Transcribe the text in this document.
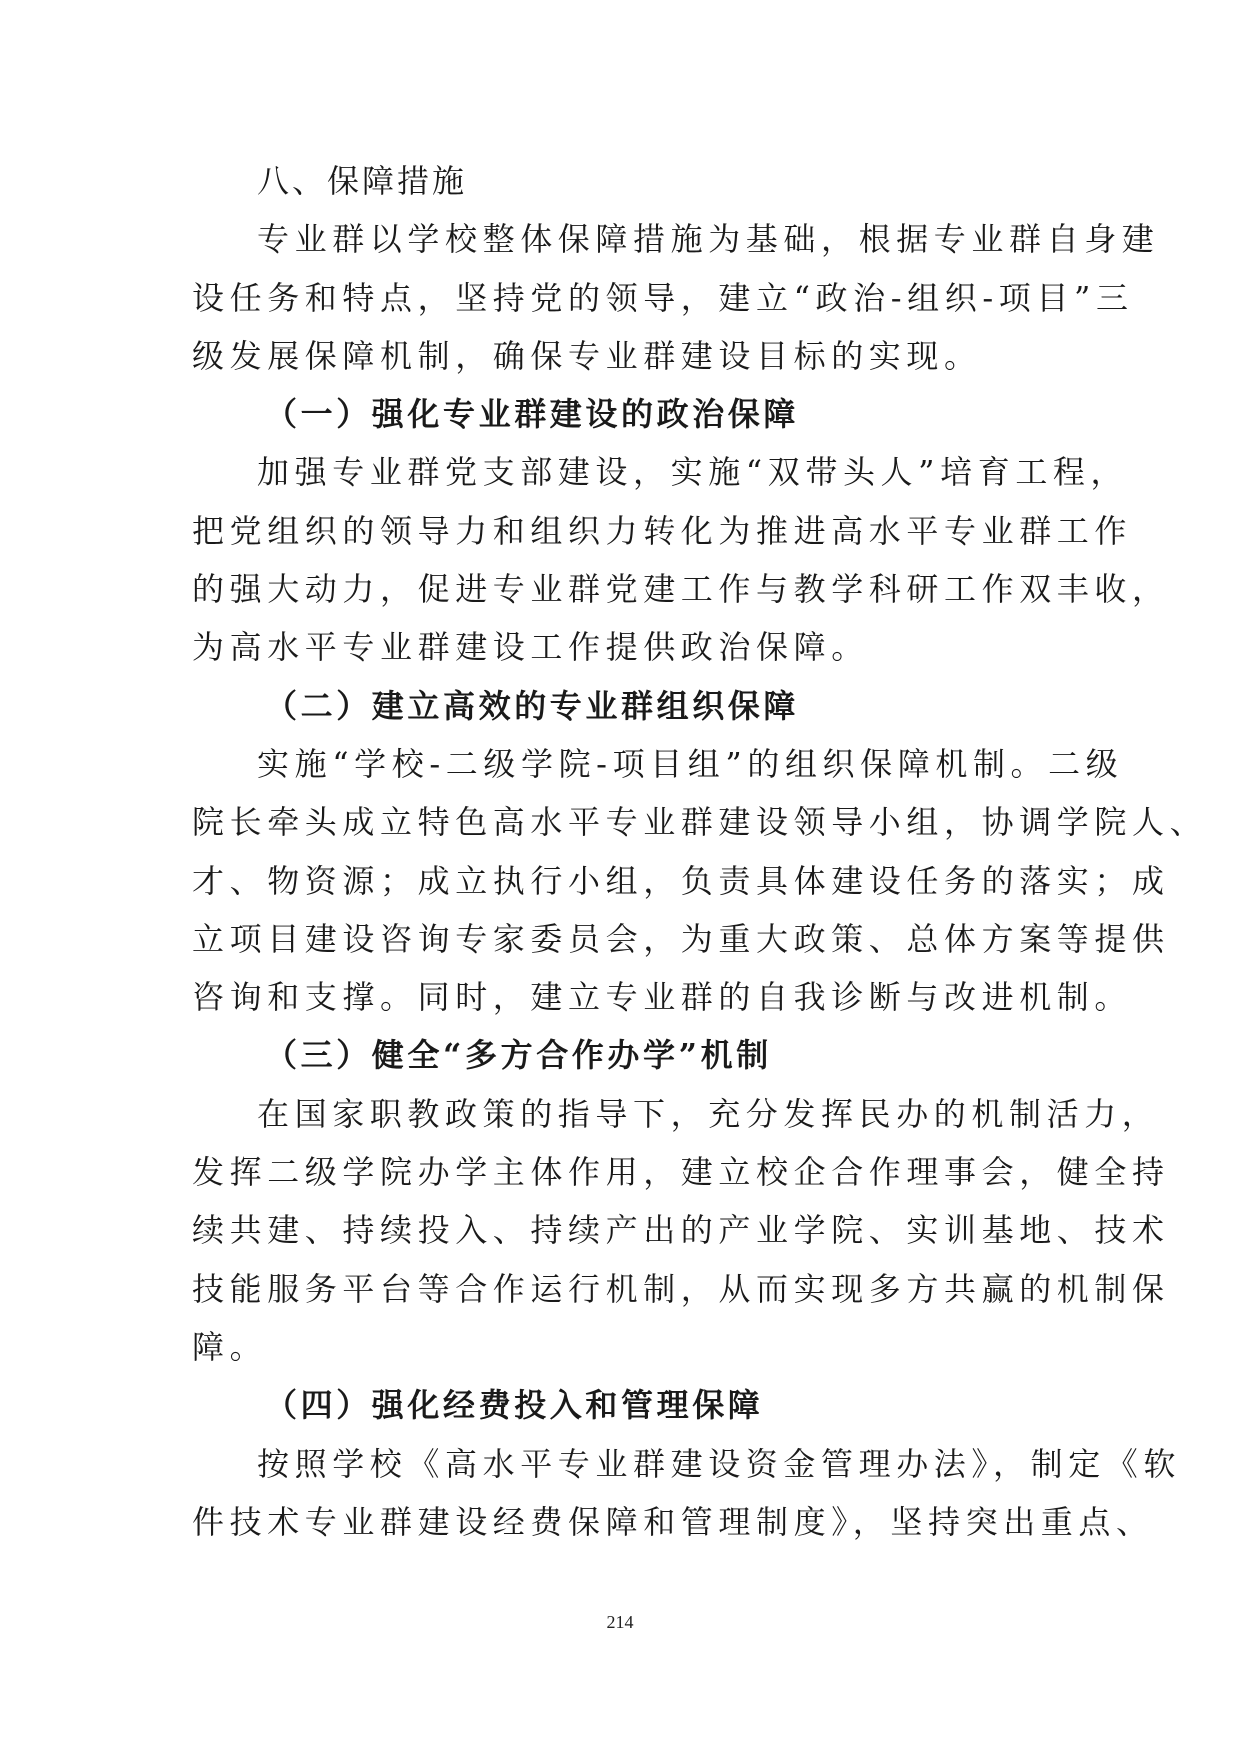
八、保障措施

专业群以学校整体保障措施为基础，根据专业群自身建

设任务和特点，坚持党的领导，建立“政治-组织-项目”三

级发展保障机制，确保专业群建设目标的实现。

（一）强化专业群建设的政治保障

加强专业群党支部建设，实施“双带头人”培育工程，

把党组织的领导力和组织力转化为推进高水平专业群工作

的强大动力，促进专业群党建工作与教学科研工作双丰收，

为高水平专业群建设工作提供政治保障。

（二）建立高效的专业群组织保障

实施“学校-二级学院-项目组”的组织保障机制。二级

院长牵头成立特色高水平专业群建设领导小组，协调学院人、

才、物资源；成立执行小组，负责具体建设任务的落实；成

立项目建设咨询专家委员会，为重大政策、总体方案等提供

咨询和支撑。同时，建立专业群的自我诊断与改进机制。

（三）健全“多方合作办学”机制

在国家职教政策的指导下，充分发挥民办的机制活力，

发挥二级学院办学主体作用，建立校企合作理事会，健全持

续共建、持续投入、持续产出的产业学院、实训基地、技术

技能服务平台等合作运行机制，从而实现多方共赢的机制保

障。

（四）强化经费投入和管理保障

按照学校《高水平专业群建设资金管理办法》，制定《软

件技术专业群建设经费保障和管理制度》，坚持突出重点、

214
